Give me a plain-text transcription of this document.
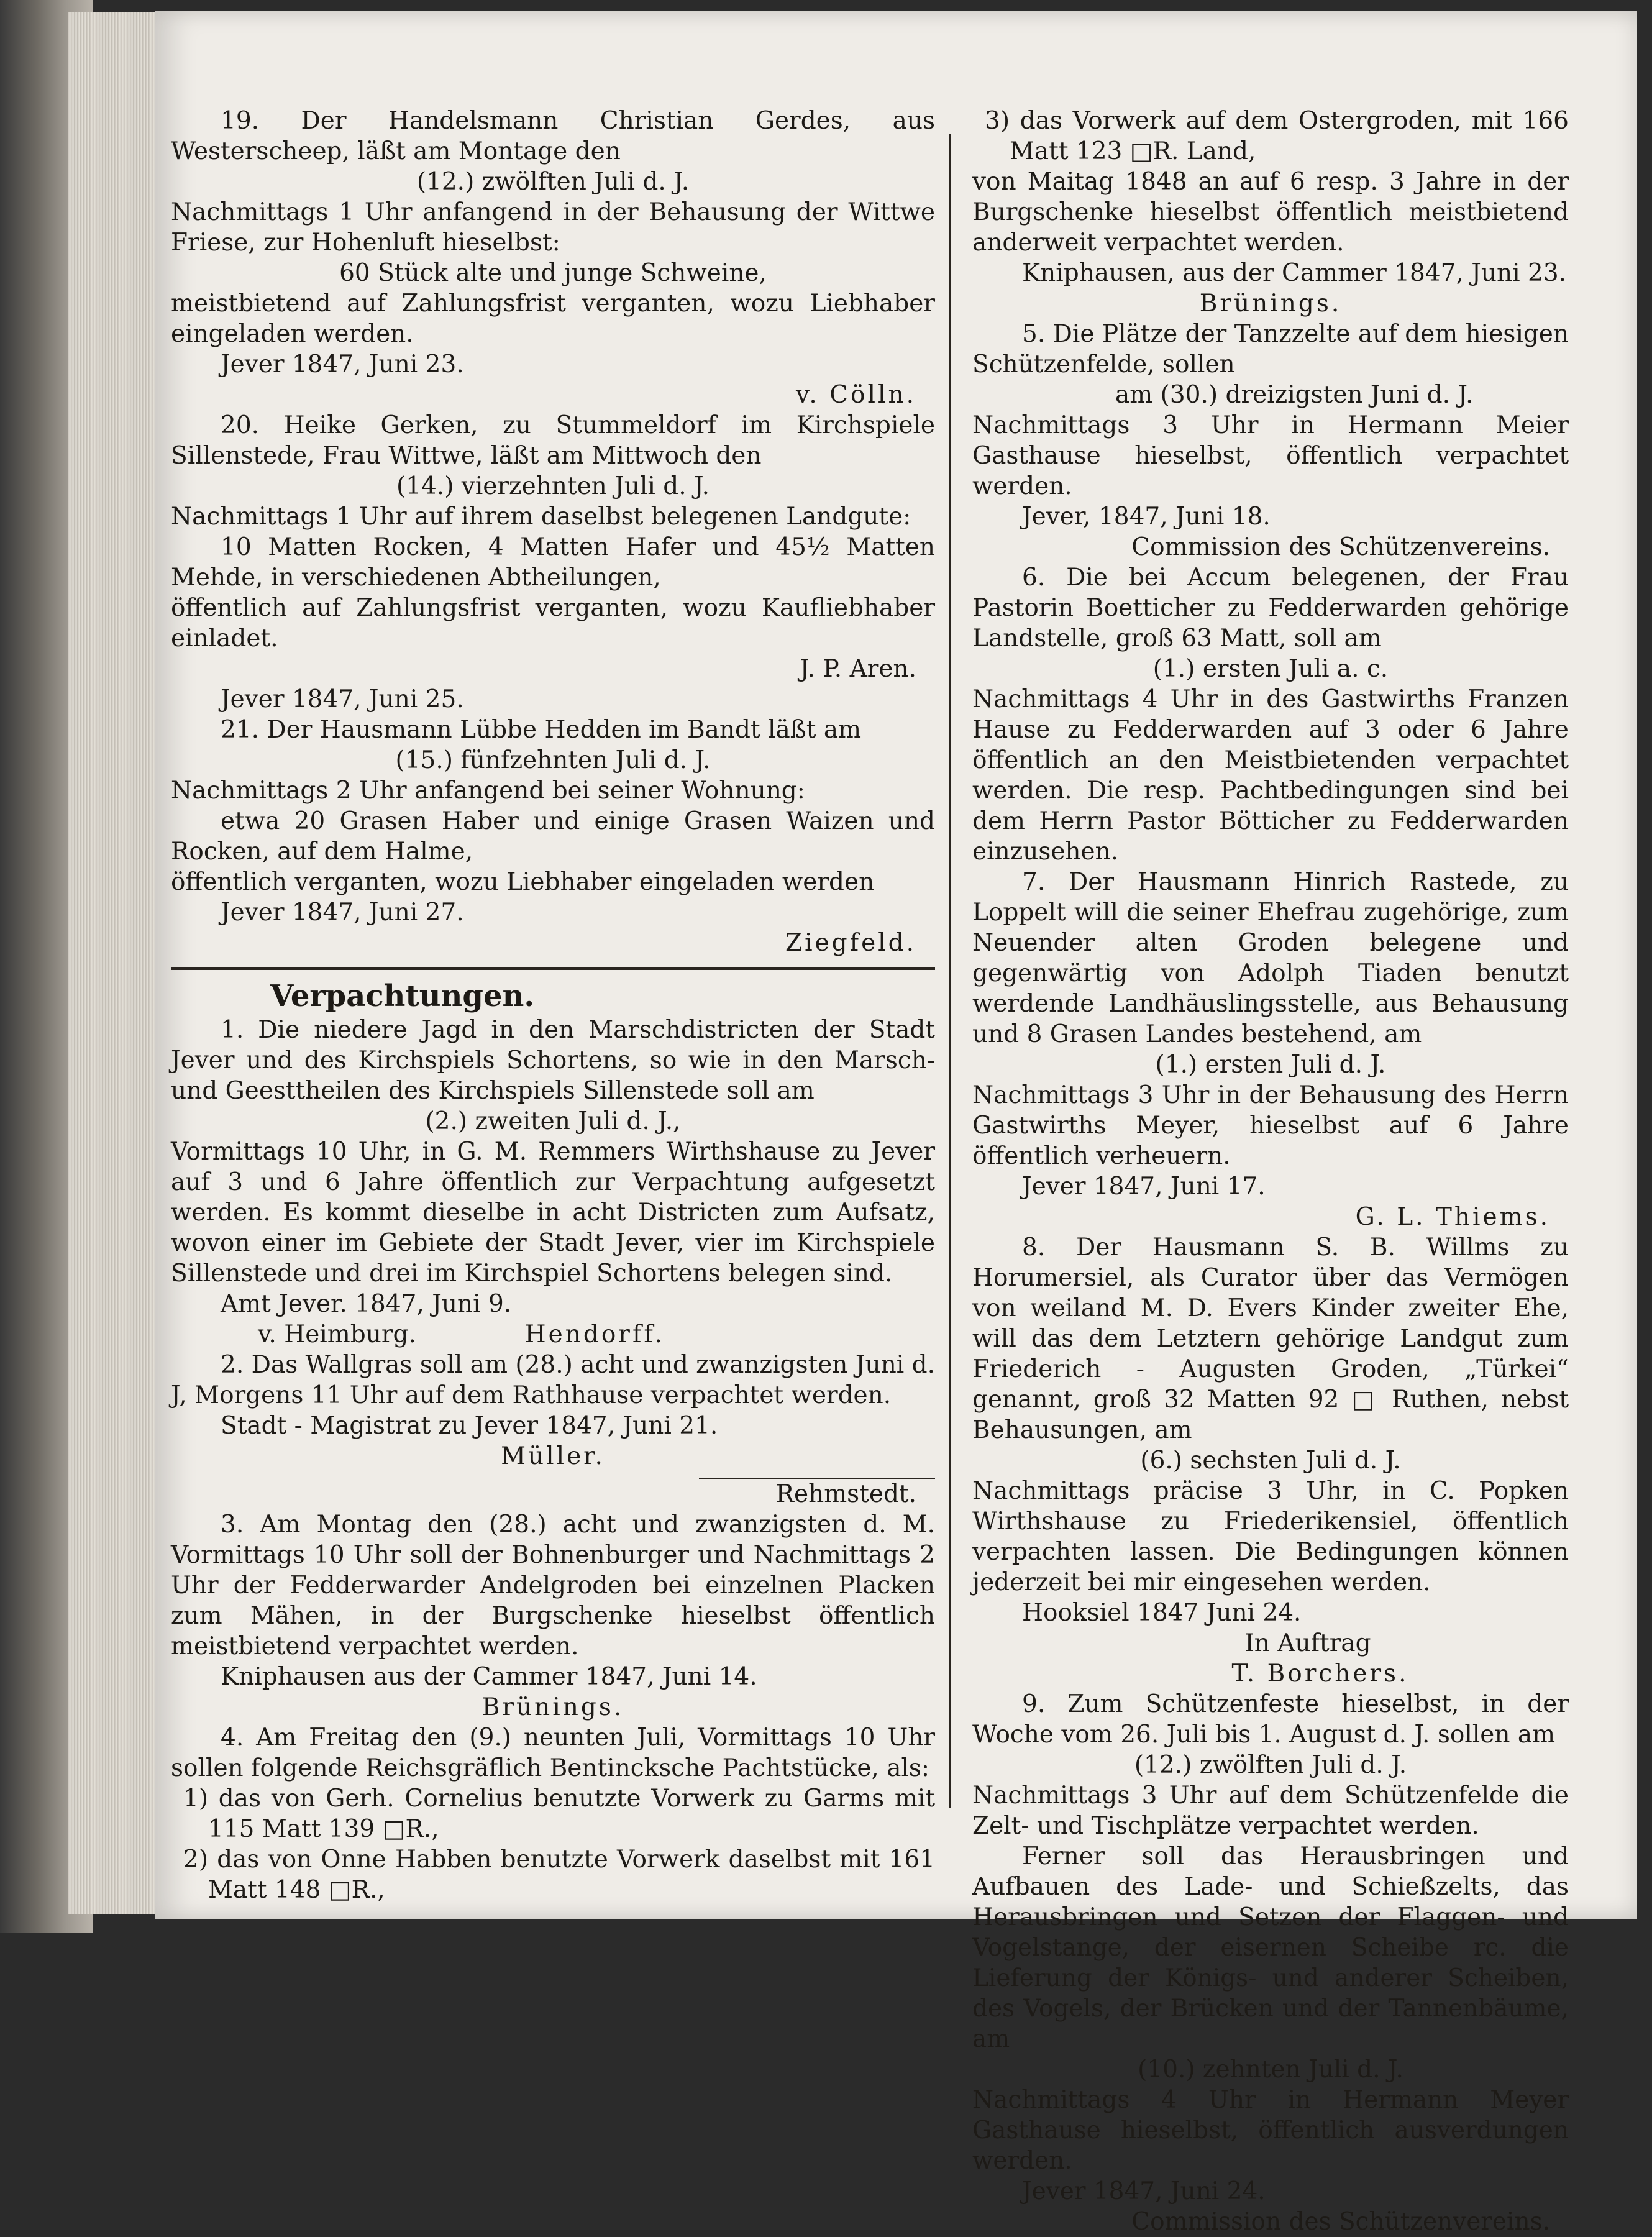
19. Der Handelsmann Christian Gerdes, aus Westerscheep, läßt am Montage den

(12.) zwölften Juli d. J.

Nachmittags 1 Uhr anfangend in der Behausung der Wittwe Friese, zur Hohenluft hieselbst:

60 Stück alte und junge Schweine,

meistbietend auf Zahlungsfrist verganten, wozu Liebhaber eingeladen werden.

Jever 1847, Juni 23.

v. Cölln.

20. Heike Gerken, zu Stummeldorf im Kirchspiele Sillenstede, Frau Wittwe, läßt am Mittwoch den

(14.) vierzehnten Juli d. J.

Nachmittags 1 Uhr auf ihrem daselbst belegenen Landgute:

10 Matten Rocken, 4 Matten Hafer und 45½ Matten Mehde, in verschiedenen Abtheilungen,

öffentlich auf Zahlungsfrist verganten, wozu Kaufliebhaber einladet.

J. P. Aren.

Jever 1847, Juni 25.

21. Der Hausmann Lübbe Hedden im Bandt läßt am

(15.) fünfzehnten Juli d. J.

Nachmittags 2 Uhr anfangend bei seiner Wohnung:

etwa 20 Grasen Haber und einige Grasen Waizen und Rocken, auf dem Halme,

öffentlich verganten, wozu Liebhaber eingeladen werden

Jever 1847, Juni 27.

Ziegfeld.

Verpachtungen.

1. Die niedere Jagd in den Marschdistricten der Stadt Jever und des Kirchspiels Schortens, so wie in den Marsch- und Geesttheilen des Kirchspiels Sillenstede soll am

(2.) zweiten Juli d. J.,

Vormittags 10 Uhr, in G. M. Remmers Wirthshause zu Jever auf 3 und 6 Jahre öffentlich zur Verpachtung aufgesetzt werden. Es kommt dieselbe in acht Districten zum Aufsatz, wovon einer im Gebiete der Stadt Jever, vier im Kirchspiele Sillenstede und drei im Kirchspiel Schortens belegen sind.

Amt Jever. 1847, Juni 9.

v. Heimburg.	Hendorff.

2. Das Wallgras soll am (28.) acht und zwanzigsten Juni d. J, Morgens 11 Uhr auf dem Rathhause verpachtet werden.

Stadt - Magistrat zu Jever 1847, Juni 21.

Müller.

Rehmstedt.

3. Am Montag den (28.) acht und zwanzigsten d. M. Vormittags 10 Uhr soll der Bohnenburger und Nachmittags 2 Uhr der Fedderwarder Andelgroden bei einzelnen Placken zum Mähen, in der Burgschenke hieselbst öffentlich meistbietend verpachtet werden.

Kniphausen aus der Cammer 1847, Juni 14.

Brünings.

4. Am Freitag den (9.) neunten Juli, Vormittags 10 Uhr sollen folgende Reichsgräflich Bentinckschе Pachtstücke, als:

1) das von Gerh. Cornelius benutzte Vorwerk zu Garms mit 115 Matt 139 □R.,

2) das von Onne Habben benutzte Vorwerk daselbst mit 161 Matt 148 □R.,

3) das Vorwerk auf dem Ostergroden, mit 166 Matt 123 □R. Land,

von Maitag 1848 an auf 6 resp. 3 Jahre in der Burgschenke hieselbst öffentlich meistbietend anderweit verpachtet werden.

Kniphausen, aus der Cammer 1847, Juni 23.

Brünings.

5. Die Plätze der Tanzzelte auf dem hiesigen Schützenfelde, sollen

am (30.) dreizigsten Juni d. J.

Nachmittags 3 Uhr in Hermann Meier Gasthause hieselbst, öffentlich verpachtet werden.

Jever, 1847, Juni 18.

Commission des Schützenvereins.

6. Die bei Accum belegenen, der Frau Pastorin Boetticher zu Fedderwarden gehörige Landstelle, groß 63 Matt, soll am

(1.) ersten Juli a. c.

Nachmittags 4 Uhr in des Gastwirths Franzen Hause zu Fedderwarden auf 3 oder 6 Jahre öffentlich an den Meistbietenden verpachtet werden. Die resp. Pachtbedingungen sind bei dem Herrn Pastor Bötticher zu Fedderwarden einzusehen.

7. Der Hausmann Hinrich Rastede, zu Loppelt will die seiner Ehefrau zugehörige, zum Neuender alten Groden belegene und gegenwärtig von Adolph Tiaden benutzt werdende Landhäuslingsstelle, aus Behausung und 8 Grasen Landes bestehend, am

(1.) ersten Juli d. J.

Nachmittags 3 Uhr in der Behausung des Herrn Gastwirths Meyer, hieselbst auf 6 Jahre öffentlich verheuern.

Jever 1847, Juni 17.

G. L. Thiems.

8. Der Hausmann S. B. Willms zu Horumersiel, als Curator über das Vermögen von weiland M. D. Evers Kinder zweiter Ehe, will das dem Letztern gehörige Landgut zum Friederich - Augusten Groden, „Türkei“ genannt, groß 32 Matten 92 □ Ruthen, nebst Behausungen, am

(6.) sechsten Juli d. J.

Nachmittags präcise 3 Uhr, in C. Popken Wirthshause zu Friederikensiel, öffentlich verpachten lassen. Die Bedingungen können jederzeit bei mir eingesehen werden.

Hooksiel 1847 Juni 24.

In Auftrag

T. Borchers.

9. Zum Schützenfeste hieselbst, in der Woche vom 26. Juli bis 1. August d. J. sollen am

(12.) zwölften Juli d. J.

Nachmittags 3 Uhr auf dem Schützenfelde die Zelt- und Tischplätze verpachtet werden.

Ferner soll das Herausbringen und Aufbauen des Lade- und Schießzelts, das Herausbringen und Setzen der Flaggen- und Vogelstange, der eisernen Scheibe rc. die Lieferung der Königs- und anderer Scheiben, des Vogels, der Brücken und der Tannenbäume, am

(10.) zehnten Juli d. J.

Nachmittags 4 Uhr in Hermann Meyer Gasthause hieselbst, öffentlich ausverdungen werden.

Jever 1847, Juni 24.

Commission des Schützenvereins.
